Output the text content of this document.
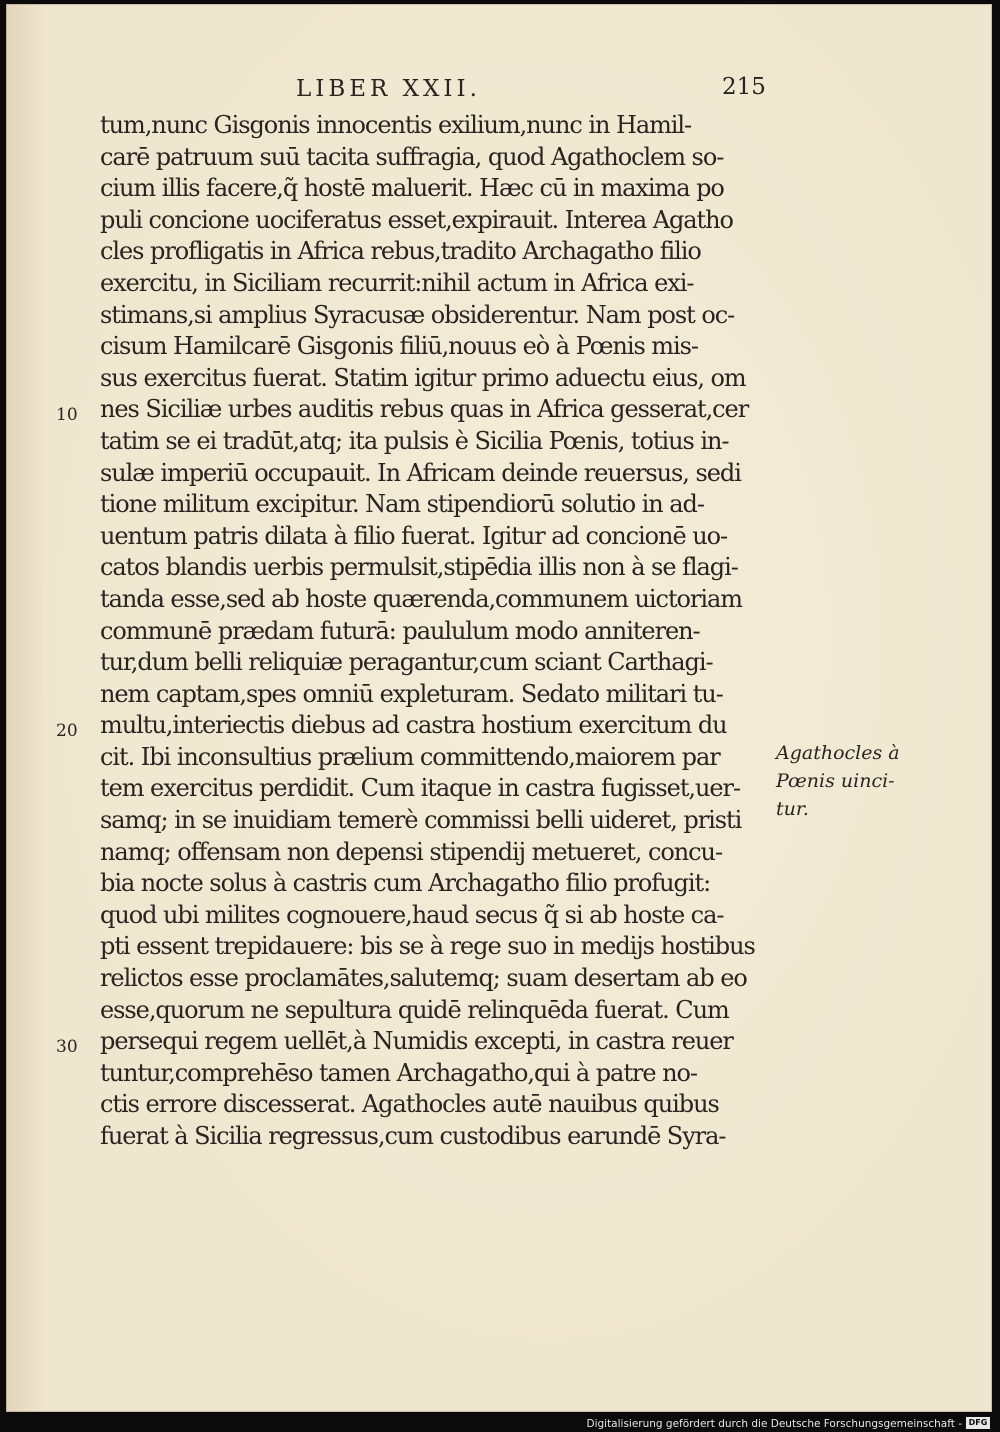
LIBER XXII.	215
10
20
30
tum,nunc Gisgonis innocentis exilium,nunc in Hamil-
carē patruum suū tacita suffragia, quod Agathoclem so-
cium illis facere,q̃ hostē maluerit. Hæc cū in maxima po
puli concione uociferatus esset,expirauit. Interea Agatho
cles profligatis in Africa rebus,tradito Archagatho filio
exercitu, in Siciliam recurrit:nihil actum in Africa exi-
stimans,si amplius Syracusæ obsiderentur. Nam post oc-
cisum Hamilcarē Gisgonis filiū,nouus eò à Pœnis mis-
sus exercitus fuerat. Statim igitur primo aduectu eius, om
nes Siciliæ urbes auditis rebus quas in Africa gesserat,cer
tatim se ei tradūt,atq; ita pulsis è Sicilia Pœnis, totius in-
sulæ imperiū occupauit. In Africam deinde reuersus, sedi
tione militum excipitur. Nam stipendiorū solutio in ad-
uentum patris dilata à filio fuerat. Igitur ad concionē uo-
catos blandis uerbis permulsit,stipēdia illis non à se flagi-
tanda esse,sed ab hoste quærenda,communem uictoriam
communē prædam futurā: paululum modo anniteren-
tur,dum belli reliquiæ peragantur,cum sciant Carthagi-
nem captam,spes omniū expleturam. Sedato militari tu-
multu,interiectis diebus ad castra hostium exercitum du
cit. Ibi inconsultius prælium committendo,maiorem par
tem exercitus perdidit. Cum itaque in castra fugisset,uer-
samq; in se inuidiam temerè commissi belli uideret, pristi
namq; offensam non depensi stipendij metueret, concu-
bia nocte solus à castris cum Archagatho filio profugit:
quod ubi milites cognouere,haud secus q̃ si ab hoste ca-
pti essent trepidauere: bis se à rege suo in medijs hostibus
relictos esse proclamātes,salutemq; suam desertam ab eo
esse,quorum ne sepultura quidē relinquēda fuerat. Cum
persequi regem uellēt,à Numidis excepti, in castra reuer
tuntur,comprehēso tamen Archagatho,qui à patre no-
ctis errore discesserat. Agathocles autē nauibus quibus
fuerat à Sicilia regressus,cum custodibus earundē Syra-
Agathocles à
Pœnis uinci-
tur.
Digitalisierung gefördert durch die Deutsche Forschungsgemeinschaft - DFG
